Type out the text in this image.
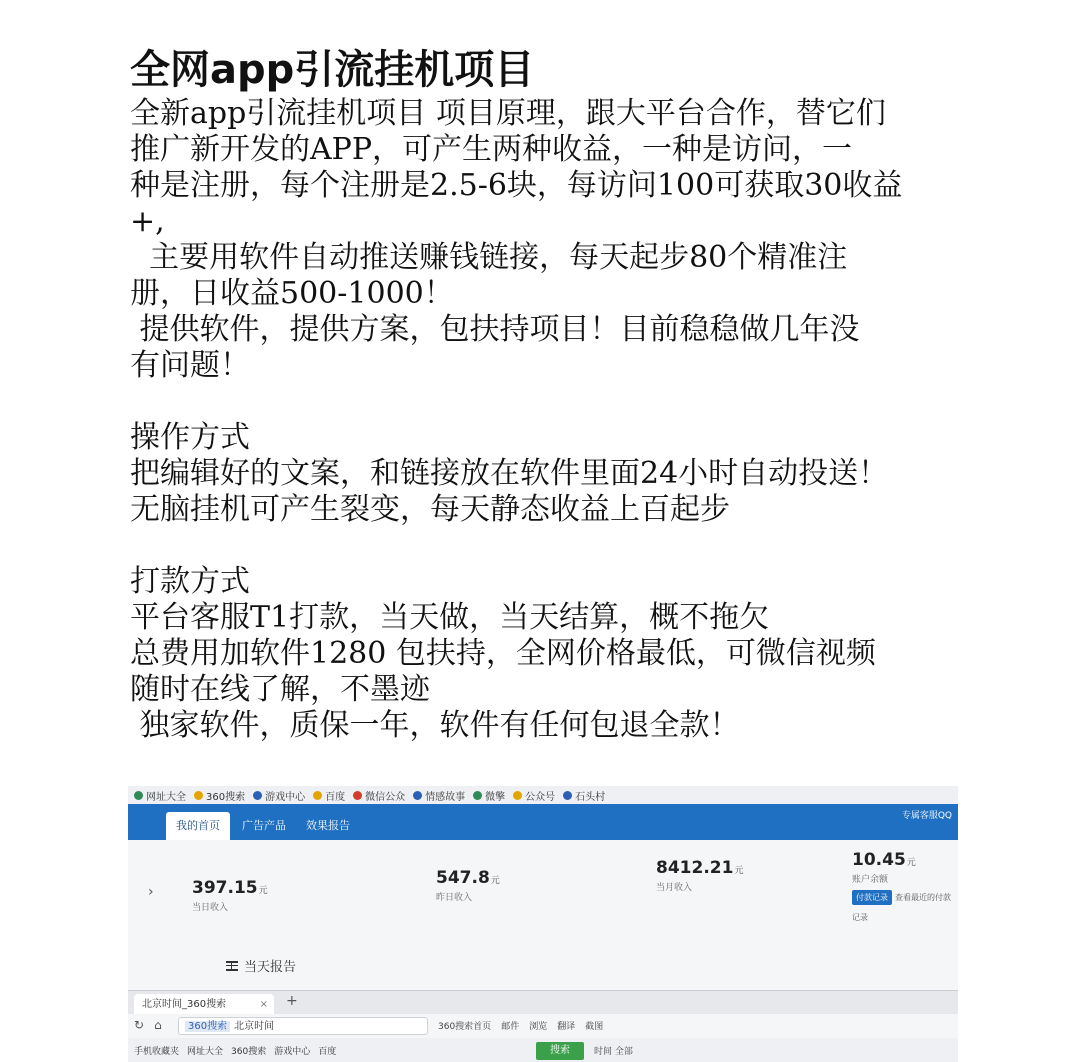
全网app引流挂机项目

全新app引流挂机项目 项目原理，跟大平台合作，替它们

推广新开发的APP，可产生两种收益，一种是访问，一

种是注册，每个注册是2.5-6块，每访问100可获取30收益

+,

主要用软件自动推送赚钱链接，每天起步80个精准注

册，日收益500-1000！

提供软件，提供方案，包扶持项目！目前稳稳做几年没

有问题！

操作方式

把编辑好的文案，和链接放在软件里面24小时自动投送！

无脑挂机可产生裂变，每天静态收益上百起步

打款方式

平台客服T1打款，当天做，当天结算，概不拖欠

总费用加软件1280 包扶持，全网价格最低，可微信视频

随时在线了解，不墨迹

独家软件，质保一年，软件有任何包退全款！

网址大全 360搜索 游戏中心 百度 微信公众 情感故事 微擎 公众号 石头村
我的首页	广告产品	效果报告
专属客服QQ
› 397.15元
当日收入
547.8元
昨日收入
8412.21元
当月收入
10.45元
账户余额
付款记录 查看最近的付款记录
当天报告
北京时间_360搜索	× +
↻ ⌂	360搜索 北京时间	360搜索首页 邮件 浏览 翻译 截图
手机收藏夹 网址大全 360搜索 游戏中心 百度	搜索	时间 全部
